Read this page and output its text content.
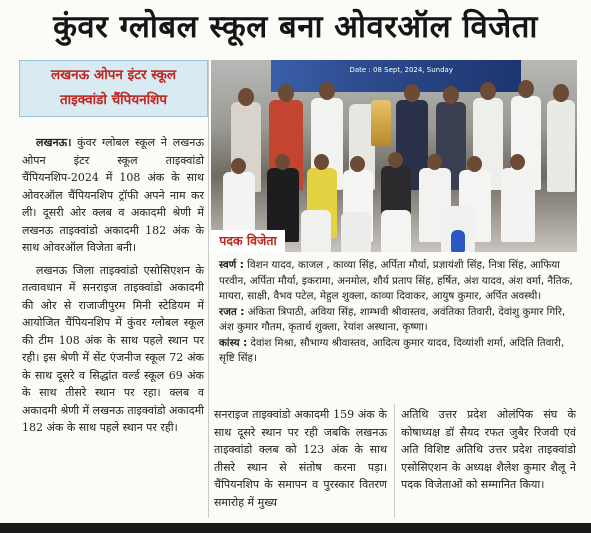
कुंवर ग्लोबल स्कूल बना ओवरऑल विजेता
लखनऊ ओपन इंटर स्कूल
ताइक्वांडो चैंपियनशिप

लखनऊ। कुंवर ग्लोबल स्कूल ने लखनऊ ओपन इंटर स्कूल ताइक्वांडो चैंपियनशिप-2024 में 108 अंक के साथ ओवरऑल चैंपियनशिप ट्रॉफी अपने नाम कर ली। दूसरी ओर क्लब व अकादमी श्रेणी में लखनऊ ताइक्वांडो अकादमी 182 अंक के साथ ओवरऑल विजेता बनी।

लखनऊ जिला ताइक्वांडो एसोसिएशन के तत्वावधान में सनराइज ताइक्वांडो अकादमी की ओर से राजाजीपुरम मिनी स्टेडियम में आयोजित चैंपियनशिप में कुंवर ग्लोबल स्कूल की टीम 108 अंक के साथ पहले स्थान पर रही। इस श्रेणी में सेंट एंजनीज स्कूल 72 अंक के साथ दूसरे व सिद्धांत वर्ल्ड स्कूल 69 अंक के साथ तीसरे स्थान पर रहा। क्लब व अकादमी श्रेणी में लखनऊ ताइक्वांडो अकादमी 182 अंक के साथ पहले स्थान पर रही।

Date : 08 Sept, 2024, Sunday
पदक विजेता

स्वर्ण : विशन यादव, काजल , काव्या सिंह, अर्पिता मौर्या, प्रज्ञायंशी सिंह, नित्रा सिंह, आफिया परवीन, अर्पिता मौर्या, इकरामा, अनमोल, शौर्य प्रताप सिंह, हर्षित, अंश यादव, अंश वर्मा, नैतिक, मायरा, साक्षी, वैभव पटेल, मेहुल शुक्ला, काव्या दिवाकर, आयुष कुमार, अर्पित अवस्थी।

रजत : अंकिता त्रिपाठी, अविया सिंह, शाम्भवी श्रीवास्तव, अवंतिका तिवारी, देवांशु कुमार गिरि, अंश कुमार गौतम, कृतार्थ शुक्ला, रेयांश अस्थाना, कृष्णा।

कांस्य : देवांश मिश्रा, सौभाग्य श्रीवास्तव, आदित्य कुमार यादव, दिव्यांशी शर्मा, अदिति तिवारी, सृष्टि सिंह।

सनराइज ताइक्वांडो अकादमी 159 अंक के साथ दूसरे स्थान पर रही जबकि लखनऊ ताइक्वांडो क्लब को 123 अंक के साथ तीसरे स्थान से संतोष करना पड़ा। चैंपियनशिप के समापन व पुरस्कार वितरण समारोह में मुख्य
अतिथि उत्तर प्रदेश ओलंपिक संघ के कोषाध्यक्ष डॉ सैयद रफत जुबैर रिजवी एवं अति विशिष्ट अतिथि उत्तर प्रदेश ताइक्वांडो एसोसिएशन के अध्यक्ष शैलेश कुमार शैलू ने पदक विजेताओं को सम्मानित किया।
